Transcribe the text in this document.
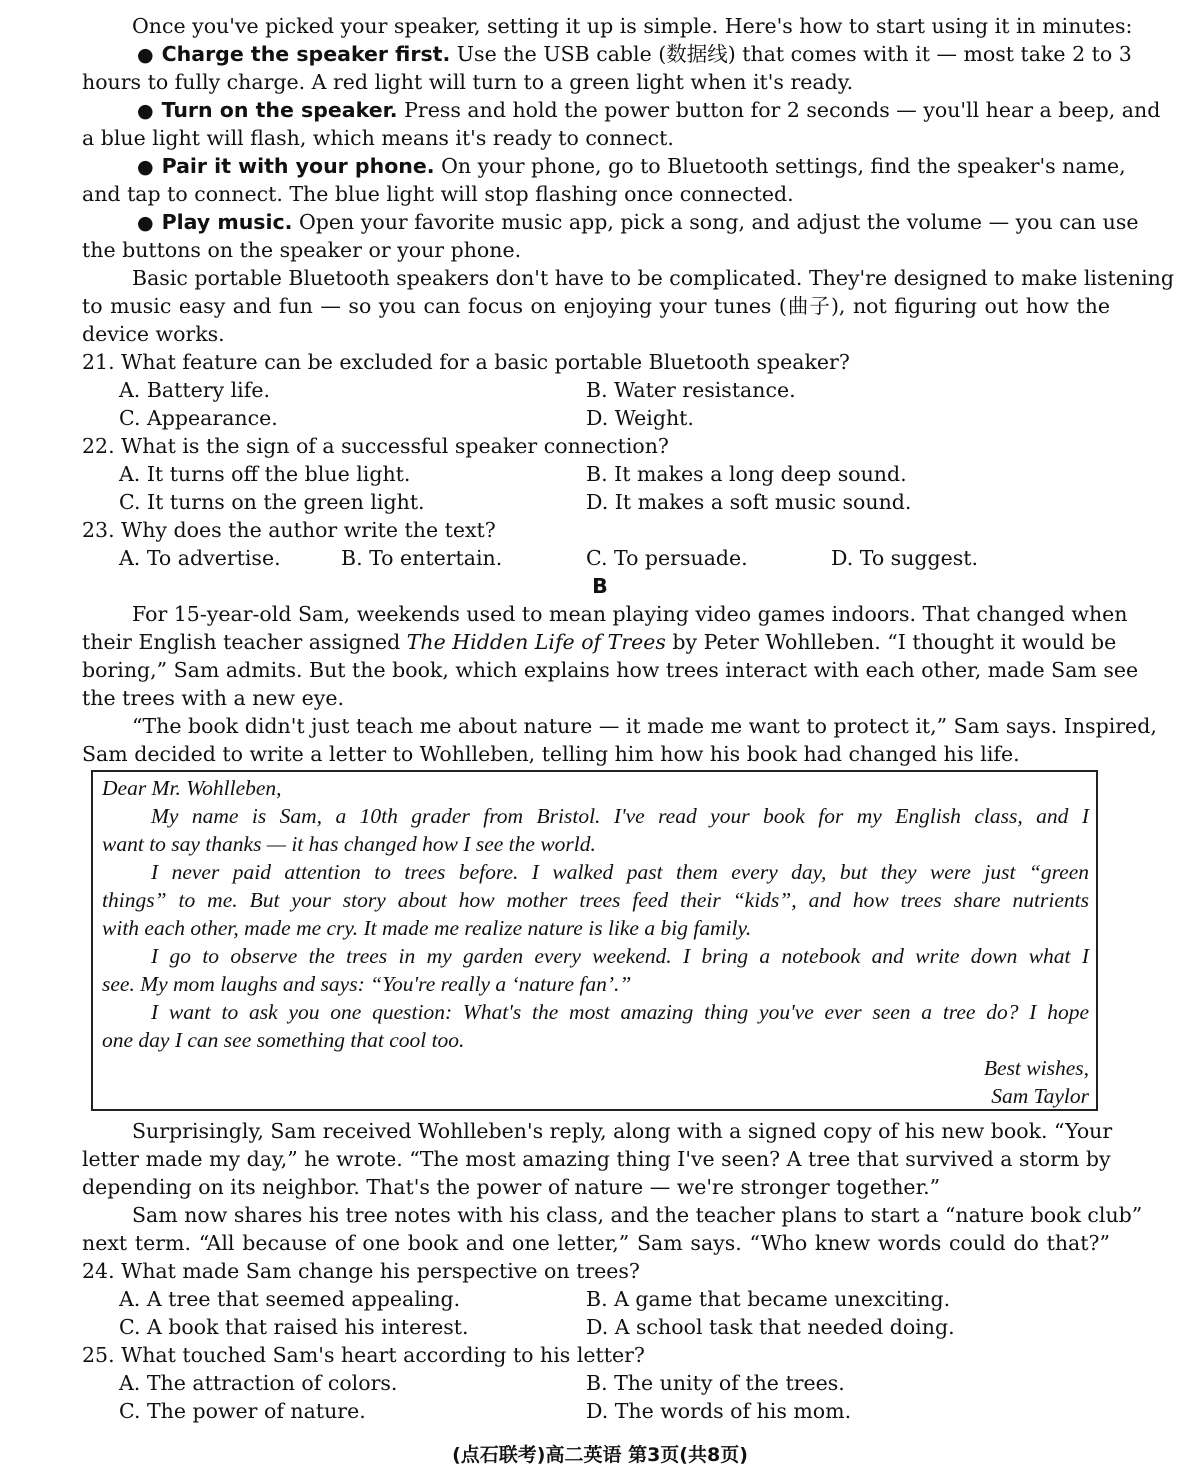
Once you've picked your speaker, setting it up is simple. Here's how to start using it in minutes:
● Charge the speaker first. Use the USB cable (数据线) that comes with it — most take 2 to 3
hours to fully charge. A red light will turn to a green light when it's ready.
● Turn on the speaker. Press and hold the power button for 2 seconds — you'll hear a beep, and
a blue light will flash, which means it's ready to connect.
● Pair it with your phone. On your phone, go to Bluetooth settings, find the speaker's name,
and tap to connect. The blue light will stop flashing once connected.
● Play music. Open your favorite music app, pick a song, and adjust the volume — you can use
the buttons on the speaker or your phone.
Basic portable Bluetooth speakers don't have to be complicated. They're designed to make listening
to music easy and fun — so you can focus on enjoying your tunes (曲子), not figuring out how the
device works.
21. What feature can be excluded for a basic portable Bluetooth speaker?
A. Battery life.	B. Water resistance.
C. Appearance.	D. Weight.
22. What is the sign of a successful speaker connection?
A. It turns off the blue light.	B. It makes a long deep sound.
C. It turns on the green light.	D. It makes a soft music sound.
23. Why does the author write the text?
A. To advertise.	B. To entertain.	C. To persuade.	D. To suggest.
B
For 15-year-old Sam, weekends used to mean playing video games indoors. That changed when
their English teacher assigned The Hidden Life of Trees by Peter Wohlleben. “I thought it would be
boring,” Sam admits. But the book, which explains how trees interact with each other, made Sam see
the trees with a new eye.
“The book didn't just teach me about nature — it made me want to protect it,” Sam says. Inspired,
Sam decided to write a letter to Wohlleben, telling him how his book had changed his life.
Dear Mr. Wohlleben,
My name is Sam, a 10th grader from Bristol. I've read your book for my English class, and I
want to say thanks — it has changed how I see the world.
I never paid attention to trees before. I walked past them every day, but they were just “green
things” to me. But your story about how mother trees feed their “kids”, and how trees share nutrients
with each other, made me cry. It made me realize nature is like a big family.
I go to observe the trees in my garden every weekend. I bring a notebook and write down what I
see. My mom laughs and says: “You're really a ‘nature fan’.”
I want to ask you one question: What's the most amazing thing you've ever seen a tree do? I hope
one day I can see something that cool too.
Best wishes,
Sam Taylor
Surprisingly, Sam received Wohlleben's reply, along with a signed copy of his new book. “Your
letter made my day,” he wrote. “The most amazing thing I've seen? A tree that survived a storm by
depending on its neighbor. That's the power of nature — we're stronger together.”
Sam now shares his tree notes with his class, and the teacher plans to start a “nature book club”
next term. “All because of one book and one letter,” Sam says. “Who knew words could do that?”
24. What made Sam change his perspective on trees?
A. A tree that seemed appealing.	B. A game that became unexciting.
C. A book that raised his interest.	D. A school task that needed doing.
25. What touched Sam's heart according to his letter?
A. The attraction of colors.	B. The unity of the trees.
C. The power of nature.	D. The words of his mom.
(点石联考)高二英语 第3页(共8页)
